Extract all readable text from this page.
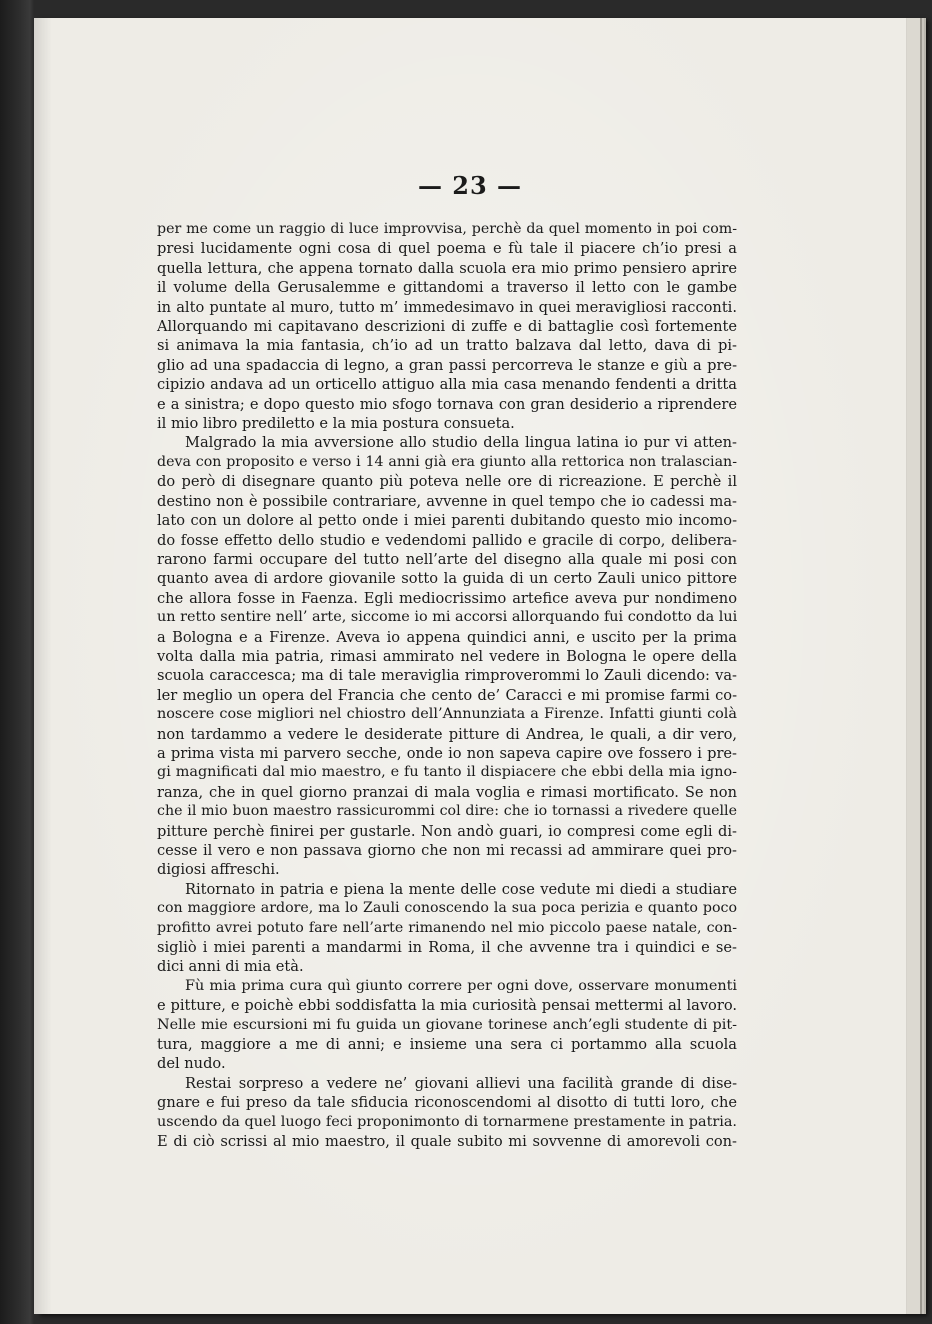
— 23 —
per me come un raggio di luce improvvisa, perchè da quel momento in poi com-
presi lucidamente ogni cosa di quel poema e fù tale il piacere ch’io presi a
quella lettura, che appena tornato dalla scuola era mio primo pensiero aprire
il volume della Gerusalemme e gittandomi a traverso il letto con le gambe
in alto puntate al muro, tutto m’ immedesimavo in quei meravigliosi racconti.
Allorquando mi capitavano descrizioni di zuffe e di battaglie così fortemente
si animava la mia fantasia, ch’io ad un tratto balzava dal letto, dava di pi-
glio ad una spadaccia di legno, a gran passi percorreva le stanze e giù a pre-
cipizio andava ad un orticello attiguo alla mia casa menando fendenti a dritta
e a sinistra; e dopo questo mio sfogo tornava con gran desiderio a riprendere
il mio libro prediletto e la mia postura consueta.
Malgrado la mia avversione allo studio della lingua latina io pur vi atten-
deva con proposito e verso i 14 anni già era giunto alla rettorica non tralascian-
do però di disegnare quanto più poteva nelle ore di ricreazione. E perchè il
destino non è possibile contrariare, avvenne in quel tempo che io cadessi ma-
lato con un dolore al petto onde i miei parenti dubitando questo mio incomo-
do fosse effetto dello studio e vedendomi pallido e gracile di corpo, delibera-
rarono farmi occupare del tutto nell’arte del disegno alla quale mi posi con
quanto avea di ardore giovanile sotto la guida di un certo Zauli unico pittore
che allora fosse in Faenza. Egli mediocrissimo artefice aveva pur nondimeno
un retto sentire nell’ arte, siccome io mi accorsi allorquando fui condotto da lui
a Bologna e a Firenze. Aveva io appena quindici anni, e uscito per la prima
volta dalla mia patria, rimasi ammirato nel vedere in Bologna le opere della
scuola caraccesca; ma di tale meraviglia rimproverommi lo Zauli dicendo: va-
ler meglio un opera del Francia che cento de’ Caracci e mi promise farmi co-
noscere cose migliori nel chiostro dell’Annunziata a Firenze. Infatti giunti colà
non tardammo a vedere le desiderate pitture di Andrea, le quali, a dir vero,
a prima vista mi parvero secche, onde io non sapeva capire ove fossero i pre-
gi magnificati dal mio maestro, e fu tanto il dispiacere che ebbi della mia igno-
ranza, che in quel giorno pranzai di mala voglia e rimasi mortificato. Se non
che il mio buon maestro rassicurommi col dire: che io tornassi a rivedere quelle
pitture perchè finirei per gustarle. Non andò guari, io compresi come egli di-
cesse il vero e non passava giorno che non mi recassi ad ammirare quei pro-
digiosi affreschi.
Ritornato in patria e piena la mente delle cose vedute mi diedi a studiare
con maggiore ardore, ma lo Zauli conoscendo la sua poca perizia e quanto poco
profitto avrei potuto fare nell’arte rimanendo nel mio piccolo paese natale, con-
sigliò i miei parenti a mandarmi in Roma, il che avvenne tra i quindici e se-
dici anni di mia età.
Fù mia prima cura quì giunto correre per ogni dove, osservare monumenti
e pitture, e poichè ebbi soddisfatta la mia curiosità pensai mettermi al lavoro.
Nelle mie escursioni mi fu guida un giovane torinese anch’egli studente di pit-
tura, maggiore a me di anni; e insieme una sera ci portammo alla scuola
del nudo.
Restai sorpreso a vedere ne’ giovani allievi una facilità grande di dise-
gnare e fui preso da tale sfiducia riconoscendomi al disotto di tutti loro, che
uscendo da quel luogo feci proponimonto di tornarmene prestamente in patria.
E di ciò scrissi al mio maestro, il quale subito mi sovvenne di amorevoli con-
